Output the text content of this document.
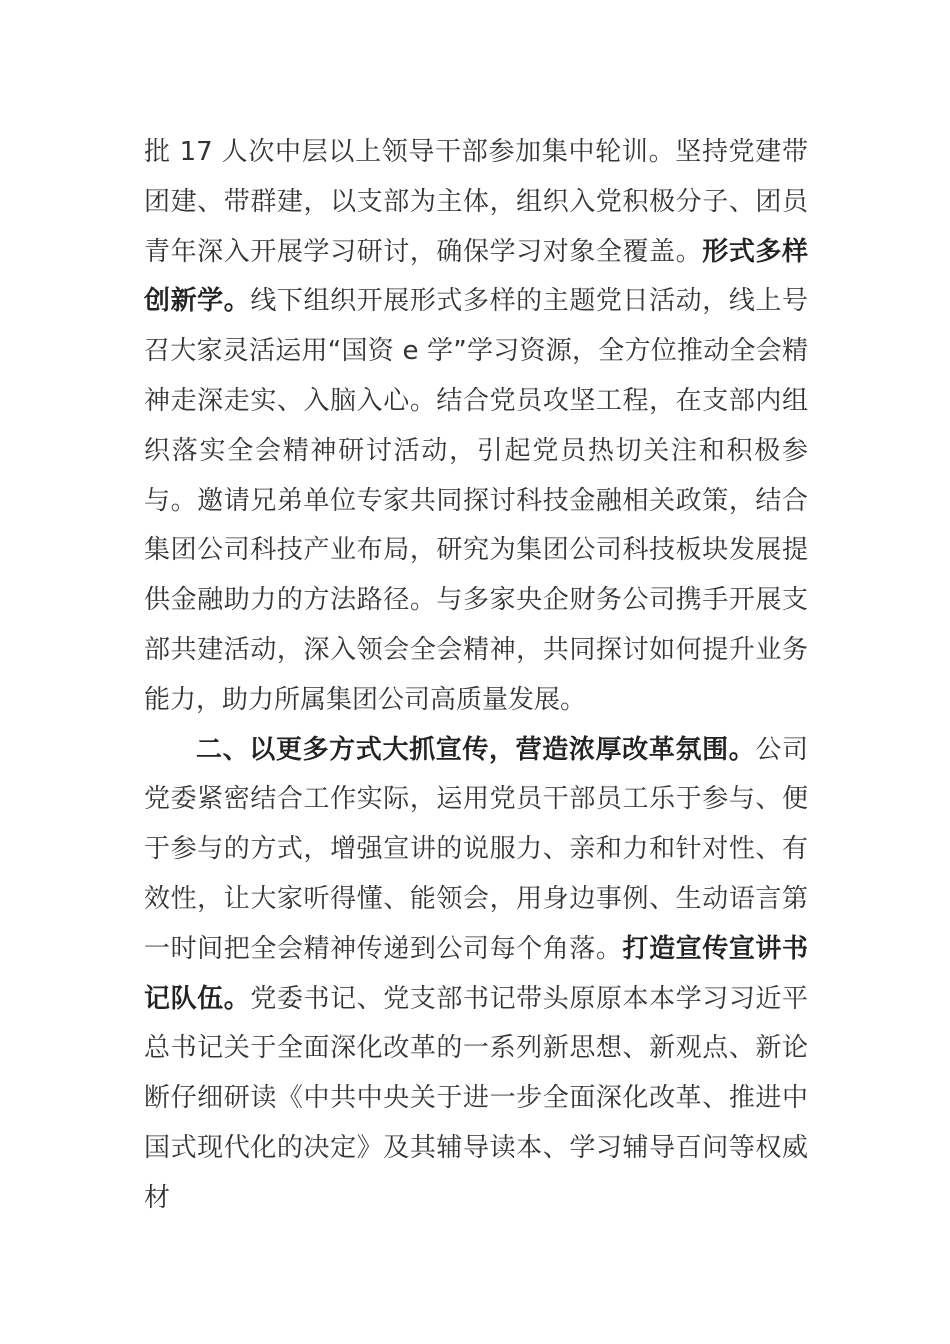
批 17 人次中层以上领导干部参加集中轮训。坚持党建带团建、带群建，以支部为主体，组织入党积极分子、团员青年深入开展学习研讨，确保学习对象全覆盖。形式多样创新学。线下组织开展形式多样的主题党日活动，线上号召大家灵活运用“国资 e 学”学习资源，全方位推动全会精神走深走实、入脑入心。结合党员攻坚工程，在支部内组织落实全会精神研讨活动，引起党员热切关注和积极参与。邀请兄弟单位专家共同探讨科技金融相关政策，结合集团公司科技产业布局，研究为集团公司科技板块发展提供金融助力的方法路径。与多家央企财务公司携手开展支部共建活动，深入领会全会精神，共同探讨如何提升业务能力，助力所属集团公司高质量发展。

二、以更多方式大抓宣传，营造浓厚改革氛围。公司党委紧密结合工作实际，运用党员干部员工乐于参与、便于参与的方式，增强宣讲的说服力、亲和力和针对性、有效性，让大家听得懂、能领会，用身边事例、生动语言第一时间把全会精神传递到公司每个角落。打造宣传宣讲书记队伍。党委书记、党支部书记带头原原本本学习习近平总书记关于全面深化改革的一系列新思想、新观点、新论断仔细研读《中共中央关于进一步全面深化改革、推进中国式现代化的决定》及其辅导读本、学习辅导百问等权威材
